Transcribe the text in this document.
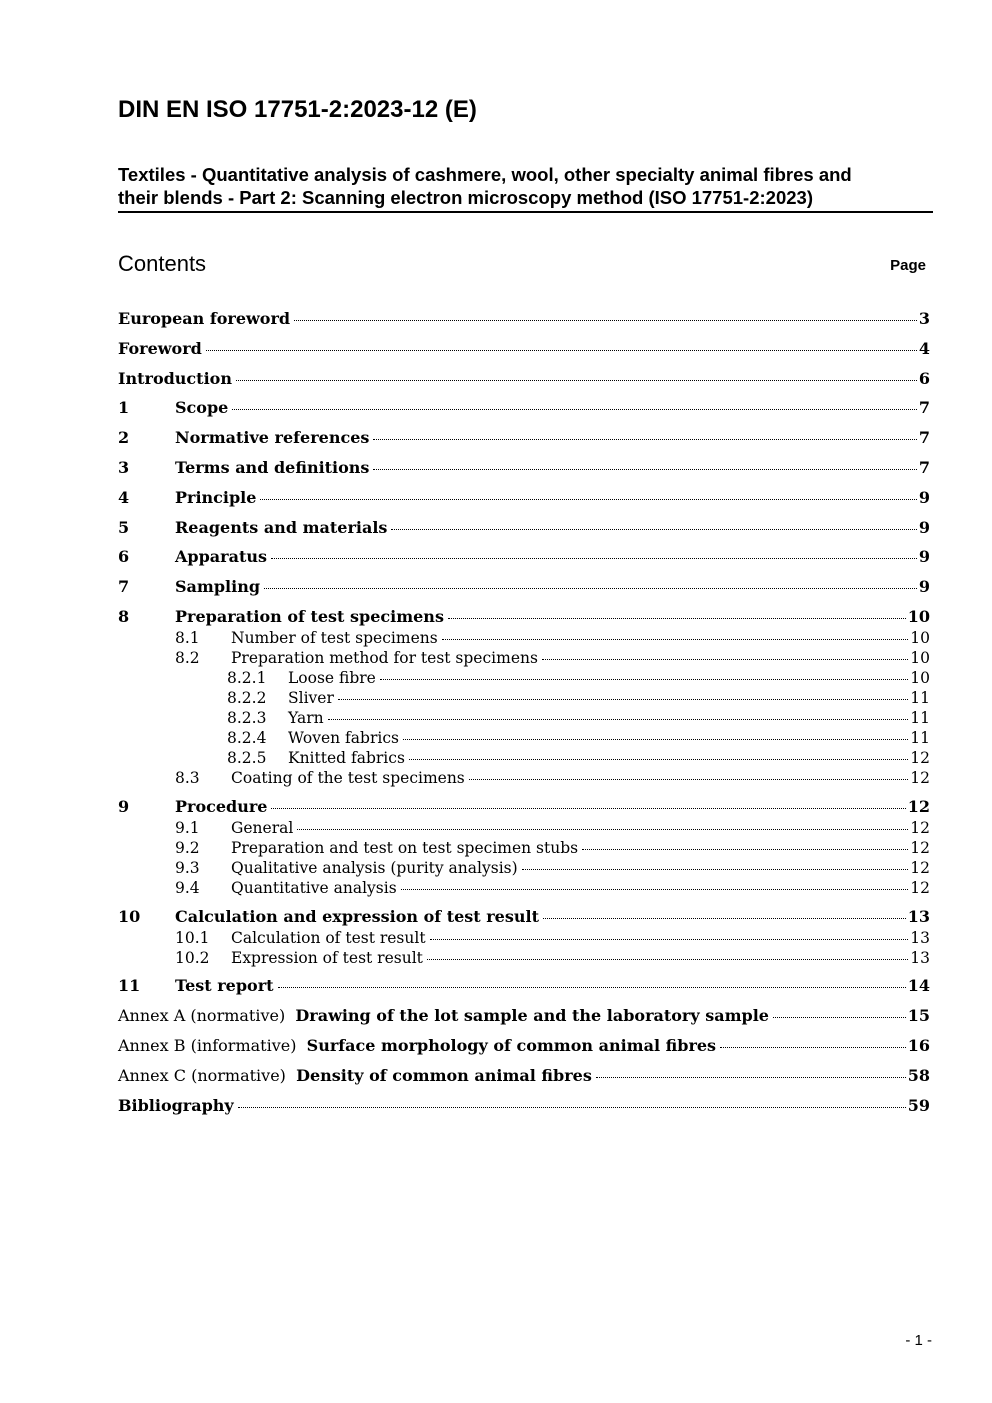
DIN EN ISO 17751-2:2023-12 (E)
Textiles - Quantitative analysis of cashmere, wool, other specialty animal fibres and
their blends - Part 2: Scanning electron microscopy method (ISO 17751-2:2023)
Contents	Page
European foreword	3
Foreword	4
Introduction	6
1	Scope	7
2	Normative references	7
3	Terms and definitions	7
4	Principle	9
5	Reagents and materials	9
6	Apparatus	9
7	Sampling	9
8	Preparation of test specimens	10
8.1	Number of test specimens	10
8.2	Preparation method for test specimens	10
8.2.1	Loose fibre	10
8.2.2	Sliver	11
8.2.3	Yarn	11
8.2.4	Woven fabrics	11
8.2.5	Knitted fabrics	12
8.3	Coating of the test specimens	12
9	Procedure	12
9.1	General	12
9.2	Preparation and test on test specimen stubs	12
9.3	Qualitative analysis (purity analysis)	12
9.4	Quantitative analysis	12
10	Calculation and expression of test result	13
10.1	Calculation of test result	13
10.2	Expression of test result	13
11	Test report	14
Annex A (normative) Drawing of the lot sample and the laboratory sample	15
Annex B (informative) Surface morphology of common animal fibres	16
Annex C (normative) Density of common animal fibres	58
Bibliography	59
- 1 -
